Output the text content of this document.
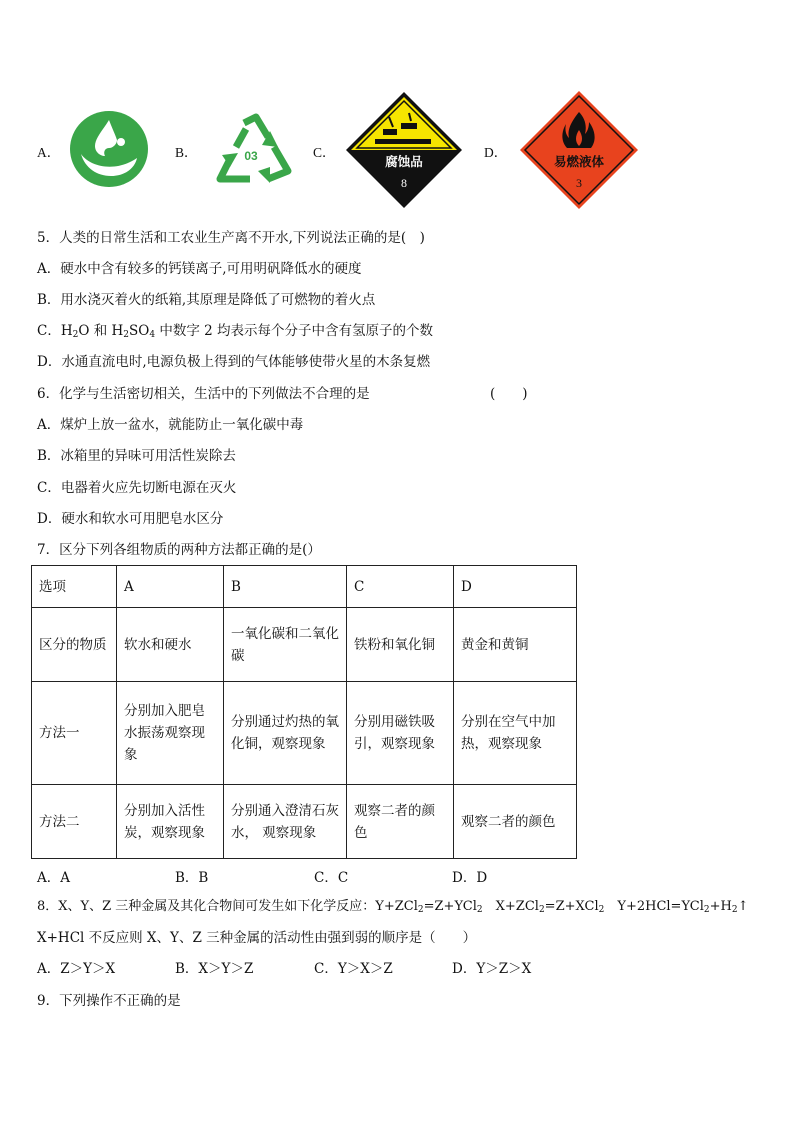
A．	B．	C．	D．
03	腐蚀品
8
易燃液体
3
5．人类的日常生活和工农业生产离不开水,下列说法正确的是(　)
A．硬水中含有较多的钙镁离子,可用明矾降低水的硬度
B．用水浇灭着火的纸箱,其原理是降低了可燃物的着火点
C．$H_2O$ 和 $H_2SO_4$ 中数字 2 均表示每个分子中含有氢原子的个数
D．水通直流电时,电源负极上得到的气体能够使带火星的木条复燃
6．化学与生活密切相关，生活中的下列做法不合理的是	(　　)
A．煤炉上放一盆水，就能防止一氧化碳中毒
B．冰箱里的异味可用活性炭除去
C．电器着火应先切断电源在灭火
D．硬水和软水可用肥皂水区分
7．区分下列各组物质的两种方法都正确的是(）
选项	A	B	C	D
区分的物质	软水和硬水	一氧化碳和二氧化碳	铁粉和氧化铜	黄金和黄铜
方法一	分别加入肥皂水振荡观察现象	分别通过灼热的氧化铜，观察现象	分别用磁铁吸引，观察现象	分别在空气中加热，观察现象
方法二	分别加入活性炭，观察现象	分别通入澄清石灰水， 观察现象	观察二者的颜色	观察二者的颜色
A．A	B．B	C．C	D．D
8．X、Y、Z 三种金属及其化合物间可发生如下化学反应：Y+ZCl$_2$=Z+YCl$_2$　X+ZCl$_2$=Z+XCl$_2$　$Y+2HCl=YCl_2+H_2↑$
X+HCl 不反应则 X、Y、Z 三种金属的活动性由强到弱的顺序是（　　）
A．Z＞Y＞X	B．X＞Y＞Z	C．Y＞X＞Z	D．Y＞Z＞X
9．下列操作不正确的是
